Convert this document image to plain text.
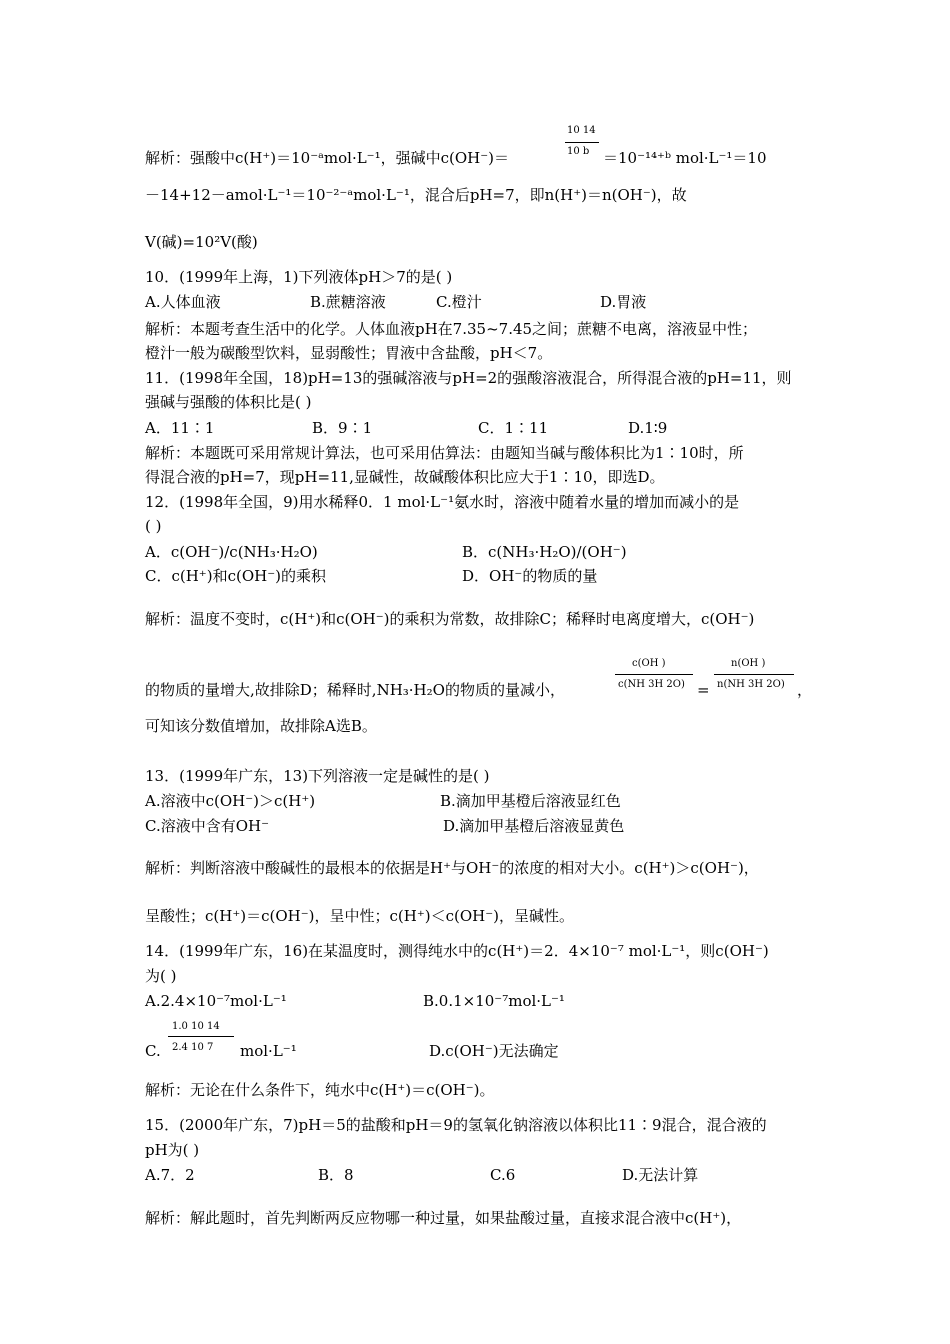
解析：强酸中c(H⁺)＝10⁻ᵃmol·L⁻¹，强碱中c(OH⁻)＝
10 14
10 b ＝10⁻¹⁴⁺ᵇ mol·L⁻¹＝10
－14+12－amol·L⁻¹＝10⁻²⁻ᵃmol·L⁻¹，混合后pH=7，即n(H⁺)＝n(OH⁻)，故
V(碱)=10²V(酸)
10．(1999年上海，1)下列液体pH＞7的是( )
A.人体血液	B.蔗糖溶液	C.橙汁	D.胃液
解析：本题考查生活中的化学。人体血液pH在7.35~7.45之间；蔗糖不电离，溶液显中性；
橙汁一般为碳酸型饮料，显弱酸性；胃液中含盐酸，pH＜7。
11．(1998年全国，18)pH=13的强碱溶液与pH=2的强酸溶液混合，所得混合液的pH=11，则
强碱与强酸的体积比是( )
A．11∶1	B．9∶1	C．1∶11	D.1∶9
解析：本题既可采用常规计算法，也可采用估算法：由题知当碱与酸体积比为1∶10时，所
得混合液的pH=7，现pH=11,显碱性，故碱酸体积比应大于1∶10，即选D。
12．(1998年全国，9)用水稀释0．1 mol·L⁻¹氨水时，溶液中随着水量的增加而减小的是
( )
A．c(OH⁻)/c(NH₃·H₂O)	B．c(NH₃·H₂O)/(OH⁻)
C．c(H⁺)和c(OH⁻)的乘积	D．OH⁻的物质的量
解析：温度不变时，c(H⁺)和c(OH⁻)的乘积为常数，故排除C；稀释时电离度增大，c(OH⁻)
的物质的量增大,故排除D；稀释时,NH₃·H₂O的物质的量减小，
c(OH )
c(NH 3H 2O) =
n(OH )
n(NH 3H 2O) ，
可知该分数值增加，故排除A选B。
13．(1999年广东，13)下列溶液一定是碱性的是( )
A.溶液中c(OH⁻)＞c(H⁺)	B.滴加甲基橙后溶液显红色
C.溶液中含有OH⁻	D.滴加甲基橙后溶液显黄色
解析：判断溶液中酸碱性的最根本的依据是H⁺与OH⁻的浓度的相对大小。c(H⁺)＞c(OH⁻)，
呈酸性；c(H⁺)＝c(OH⁻)，呈中性；c(H⁺)＜c(OH⁻)，呈碱性。
14．(1999年广东，16)在某温度时，测得纯水中的c(H⁺)＝2．4×10⁻⁷ mol·L⁻¹，则c(OH⁻)
为( )
A.2.4×10⁻⁷mol·L⁻¹	B.0.1×10⁻⁷mol·L⁻¹
C.
1.0 10 14
2.4 10 7 mol·L⁻¹	D.c(OH⁻)无法确定
解析：无论在什么条件下，纯水中c(H⁺)＝c(OH⁻)。
15．(2000年广东，7)pH＝5的盐酸和pH＝9的氢氧化钠溶液以体积比11∶9混合，混合液的
pH为( )
A.7．2	B．8	C.6	D.无法计算
解析：解此题时，首先判断两反应物哪一种过量，如果盐酸过量，直接求混合液中c(H⁺)，
